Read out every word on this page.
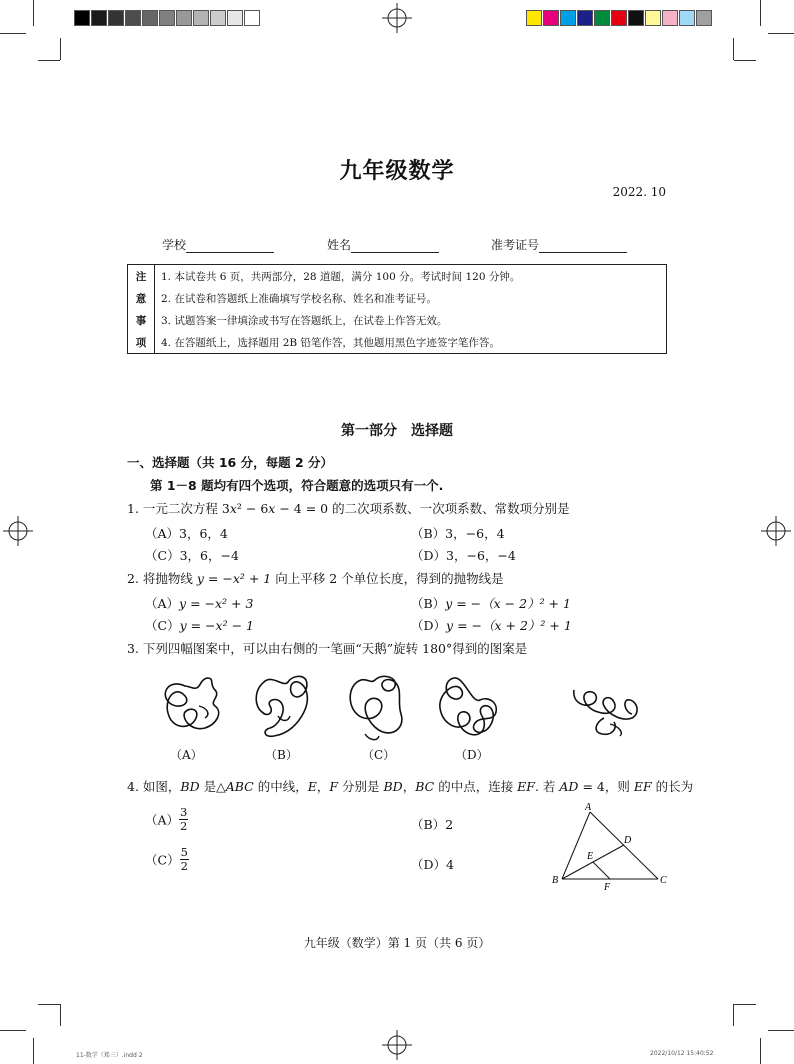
九年级数学
2022. 10
学校	姓名	准考证号
注	1. 本试卷共 6 页，共两部分，28 道题，满分 100 分。考试时间 120 分钟。
意	2. 在试卷和答题纸上准确填写学校名称、姓名和准考证号。
事	3. 试题答案一律填涂或书写在答题纸上，在试卷上作答无效。
项	4. 在答题纸上，选择题用 2B 铅笔作答，其他题用黑色字迹签字笔作答。
第一部分　选择题
一、选择题（共 16 分，每题 2 分）
第 1－8 题均有四个选项，符合题意的选项只有一个.
1. 一元二次方程 3x² − 6x − 4 = 0 的二次项系数、一次项系数、常数项分别是
（A）3，6，4	（B）3，−6，4
（C）3，6，−4	（D）3，−6，−4
2. 将抛物线 y = −x² + 1 向上平移 2 个单位长度，得到的抛物线是
（A）y = −x² + 3	（B）y = −（x − 2）² + 1
（C）y = −x² − 1	（D）y = −（x + 2）² + 1
3. 下列四幅图案中，可以由右侧的一笔画“天鹅”旋转 180°得到的图案是
（A）	（B）	（C）	（D）
4. 如图，BD 是△ABC 的中线，E，F 分别是 BD，BC 的中点，连接 EF. 若 AD = 4，则 EF 的长为
$(A) \frac{3}{2}$	（B）2
$(C) \frac{5}{2}$	（D）4
A
B	C
D
E
F
九年级（数学）第 1 页（共 6 页）
11-数学（郑三）.indd 2	2022/10/12 15:40:52
